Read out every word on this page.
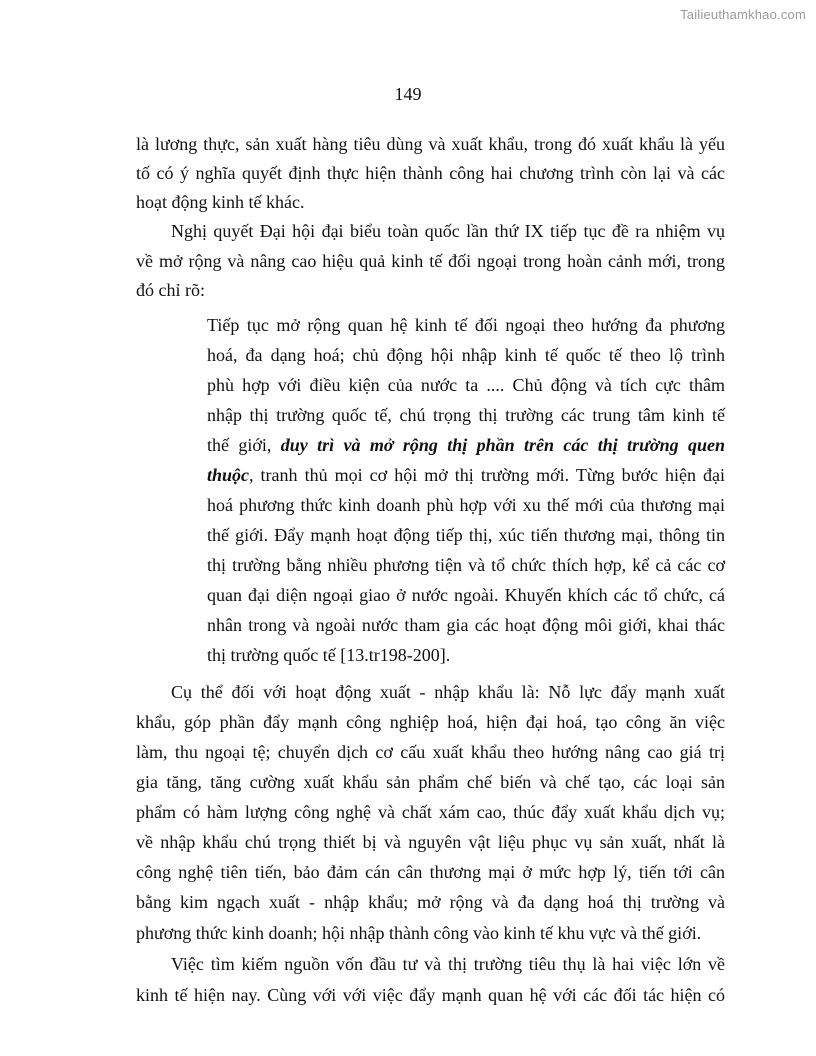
Tailieuthamkhao.com
149
là lương thực, sản xuất hàng tiêu dùng và xuất khẩu, trong đó xuất khẩu là yếu
tố có ý nghĩa quyết định thực hiện thành công hai chương trình còn lại và các
hoạt động kinh tế khác.
Nghị quyết Đại hội đại biểu toàn quốc lần thứ IX tiếp tục đề ra nhiệm vụ
về mở rộng và nâng cao hiệu quả kinh tế đối ngoại trong hoàn cảnh mới, trong
đó chỉ rõ:
Tiếp tục mở rộng quan hệ kinh tế đối ngoại theo hướng đa phương
hoá, đa dạng hoá; chủ động hội nhập kinh tế quốc tế theo lộ trình
phù hợp với điều kiện của nước ta .... Chủ động và tích cực thâm
nhập thị trường quốc tế, chú trọng thị trường các trung tâm kinh tế
thế giới, duy trì và mở rộng thị phần trên các thị trường quen
thuộc, tranh thủ mọi cơ hội mở thị trường mới. Từng bước hiện đại
hoá phương thức kinh doanh phù hợp với xu thế mới của thương mại
thế giới. Đẩy mạnh hoạt động tiếp thị, xúc tiến thương mại, thông tin
thị trường bằng nhiều phương tiện và tổ chức thích hợp, kể cả các cơ
quan đại diện ngoại giao ở nước ngoài. Khuyến khích các tổ chức, cá
nhân trong và ngoài nước tham gia các hoạt động môi giới, khai thác
thị trường quốc tế [13.tr198-200].
Cụ thể đối với hoạt động xuất - nhập khẩu là: Nỗ lực đẩy mạnh xuất
khẩu, góp phần đẩy mạnh công nghiệp hoá, hiện đại hoá, tạo công ăn việc
làm, thu ngoại tệ; chuyển dịch cơ cấu xuất khẩu theo hướng nâng cao giá trị
gia tăng, tăng cường xuất khẩu sản phẩm chế biến và chế tạo, các loại sản
phẩm có hàm lượng công nghệ và chất xám cao, thúc đẩy xuất khẩu dịch vụ;
về nhập khẩu chú trọng thiết bị và nguyên vật liệu phục vụ sản xuất, nhất là
công nghệ tiên tiến, bảo đảm cán cân thương mại ở mức hợp lý, tiến tới cân
bằng kim ngạch xuất - nhập khẩu; mở rộng và đa dạng hoá thị trường và
phương thức kinh doanh; hội nhập thành công vào kinh tế khu vực và thế giới.
Việc tìm kiếm nguồn vốn đầu tư và thị trường tiêu thụ là hai việc lớn về
kinh tế hiện nay. Cùng với với việc đẩy mạnh quan hệ với các đối tác hiện có
